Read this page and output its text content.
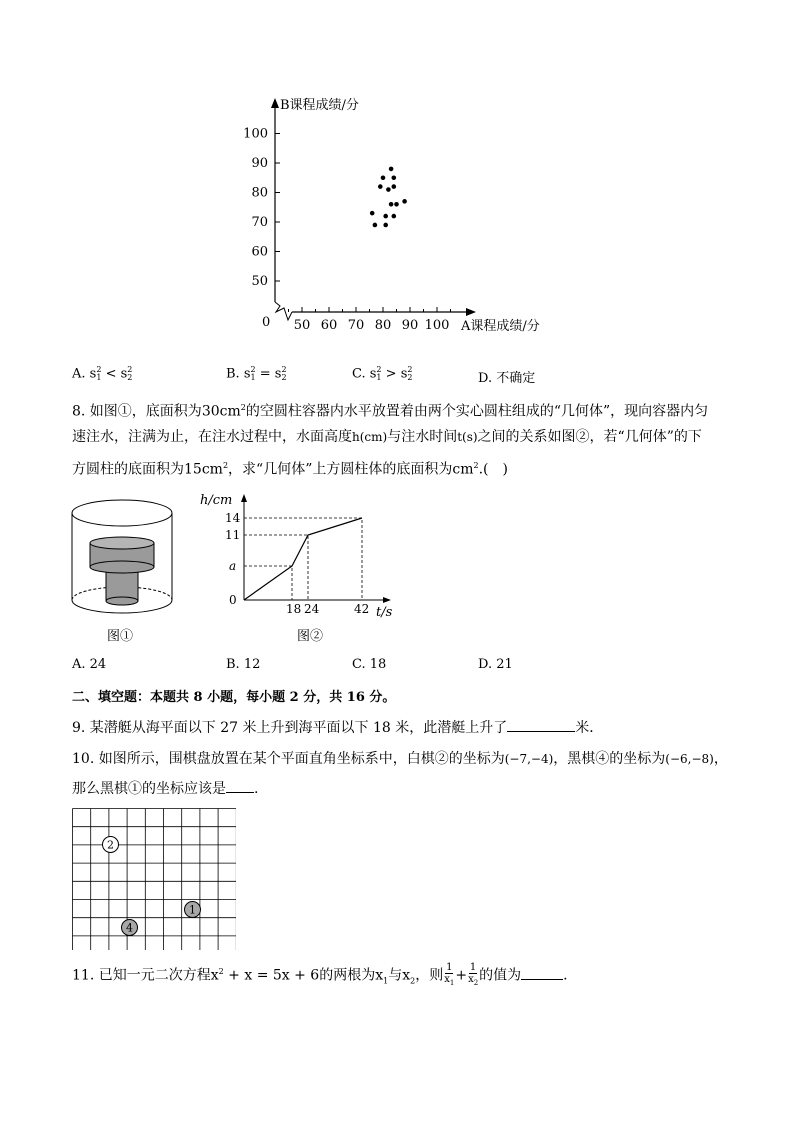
100
90
80
70
60
50
50 60 70 80 90 100
B课程成绩/分
A课程成绩/分
0
A. s 2
1 < s 2
2	B. s 2
1 = s 2
2	C. s 2
1 > s 2
2	D. 不确定
8. 如图①，底面积为$30cm^2$的空圆柱容器内水平放置着由两个实心圆柱组成的“几何体”，现向容器内匀
速注水，注满为止，在注水过程中，水面高度h(cm)与注水时间t(s)之间的关系如图②，若“几何体”的下
方圆柱的底面积为$15cm^2$，求“几何体”上方圆柱体的底面积为$cm^2$.(　)
图①
h/cm
t/s
14
11
a
0
18 24	42
图②
A. 24	B. 12	C. 18	D. 21
二、填空题：本题共 8 小题，每小题 2 分，共 16 分。
9. 某潜艇从海平面以下 27 米上升到海平面以下 18 米，此潜艇上升了	米．
10. 如图所示，围棋盘放置在某个平面直角坐标系中，白棋②的坐标为(−7,−4)，黑棋④的坐标为(−6,−8)，
那么黑棋①的坐标应该是 .
2
1
4
11. 已知一元二次方程$x^2 + x = 5x + 6$的两根为$x_1$与$x_2$，则 $\frac{1}{x_1} + \frac{1}{x_2}$ 的值为	.
